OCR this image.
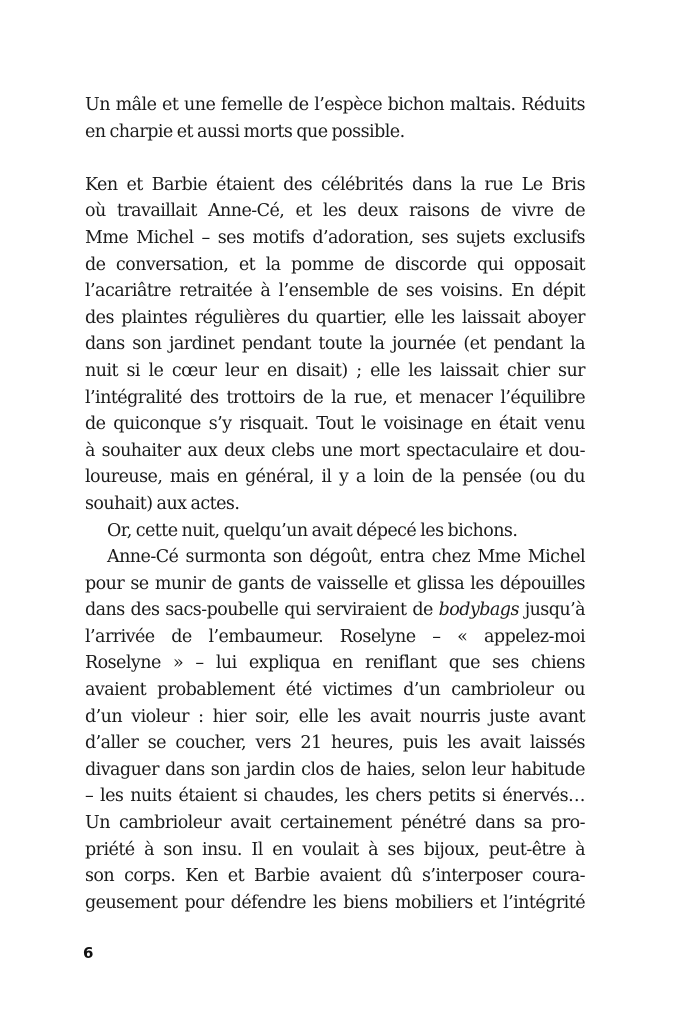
Un mâle et une femelle de l’espèce bichon maltais. Réduits
en charpie et aussi morts que possible.
Ken et Barbie étaient des célébrités dans la rue Le Bris
où travaillait Anne-Cé, et les deux raisons de vivre de
Mme Michel – ses motifs d’adoration, ses sujets exclusifs
de conversation, et la pomme de discorde qui opposait
l’acariâtre retraitée à l’ensemble de ses voisins. En dépit
des plaintes régulières du quartier, elle les laissait aboyer
dans son jardinet pendant toute la journée (et pendant la
nuit si le cœur leur en disait) ; elle les laissait chier sur
l’intégralité des trottoirs de la rue, et menacer l’équilibre
de quiconque s’y risquait. Tout le voisinage en était venu
à souhaiter aux deux clebs une mort spectaculaire et dou-
loureuse, mais en général, il y a loin de la pensée (ou du
souhait) aux actes.
Or, cette nuit, quelqu’un avait dépecé les bichons.
Anne-Cé surmonta son dégoût, entra chez Mme Michel
pour se munir de gants de vaisselle et glissa les dépouilles
dans des sacs-poubelle qui serviraient de bodybags jusqu’à
l’arrivée de l’embaumeur. Roselyne – « appelez-moi
Roselyne » – lui expliqua en reniflant que ses chiens
avaient probablement été victimes d’un cambrioleur ou
d’un violeur : hier soir, elle les avait nourris juste avant
d’aller se coucher, vers 21 heures, puis les avait laissés
divaguer dans son jardin clos de haies, selon leur habitude
– les nuits étaient si chaudes, les chers petits si énervés…
Un cambrioleur avait certainement pénétré dans sa pro-
priété à son insu. Il en voulait à ses bijoux, peut-être à
son corps. Ken et Barbie avaient dû s’interposer coura-
geusement pour défendre les biens mobiliers et l’intégrité
6
